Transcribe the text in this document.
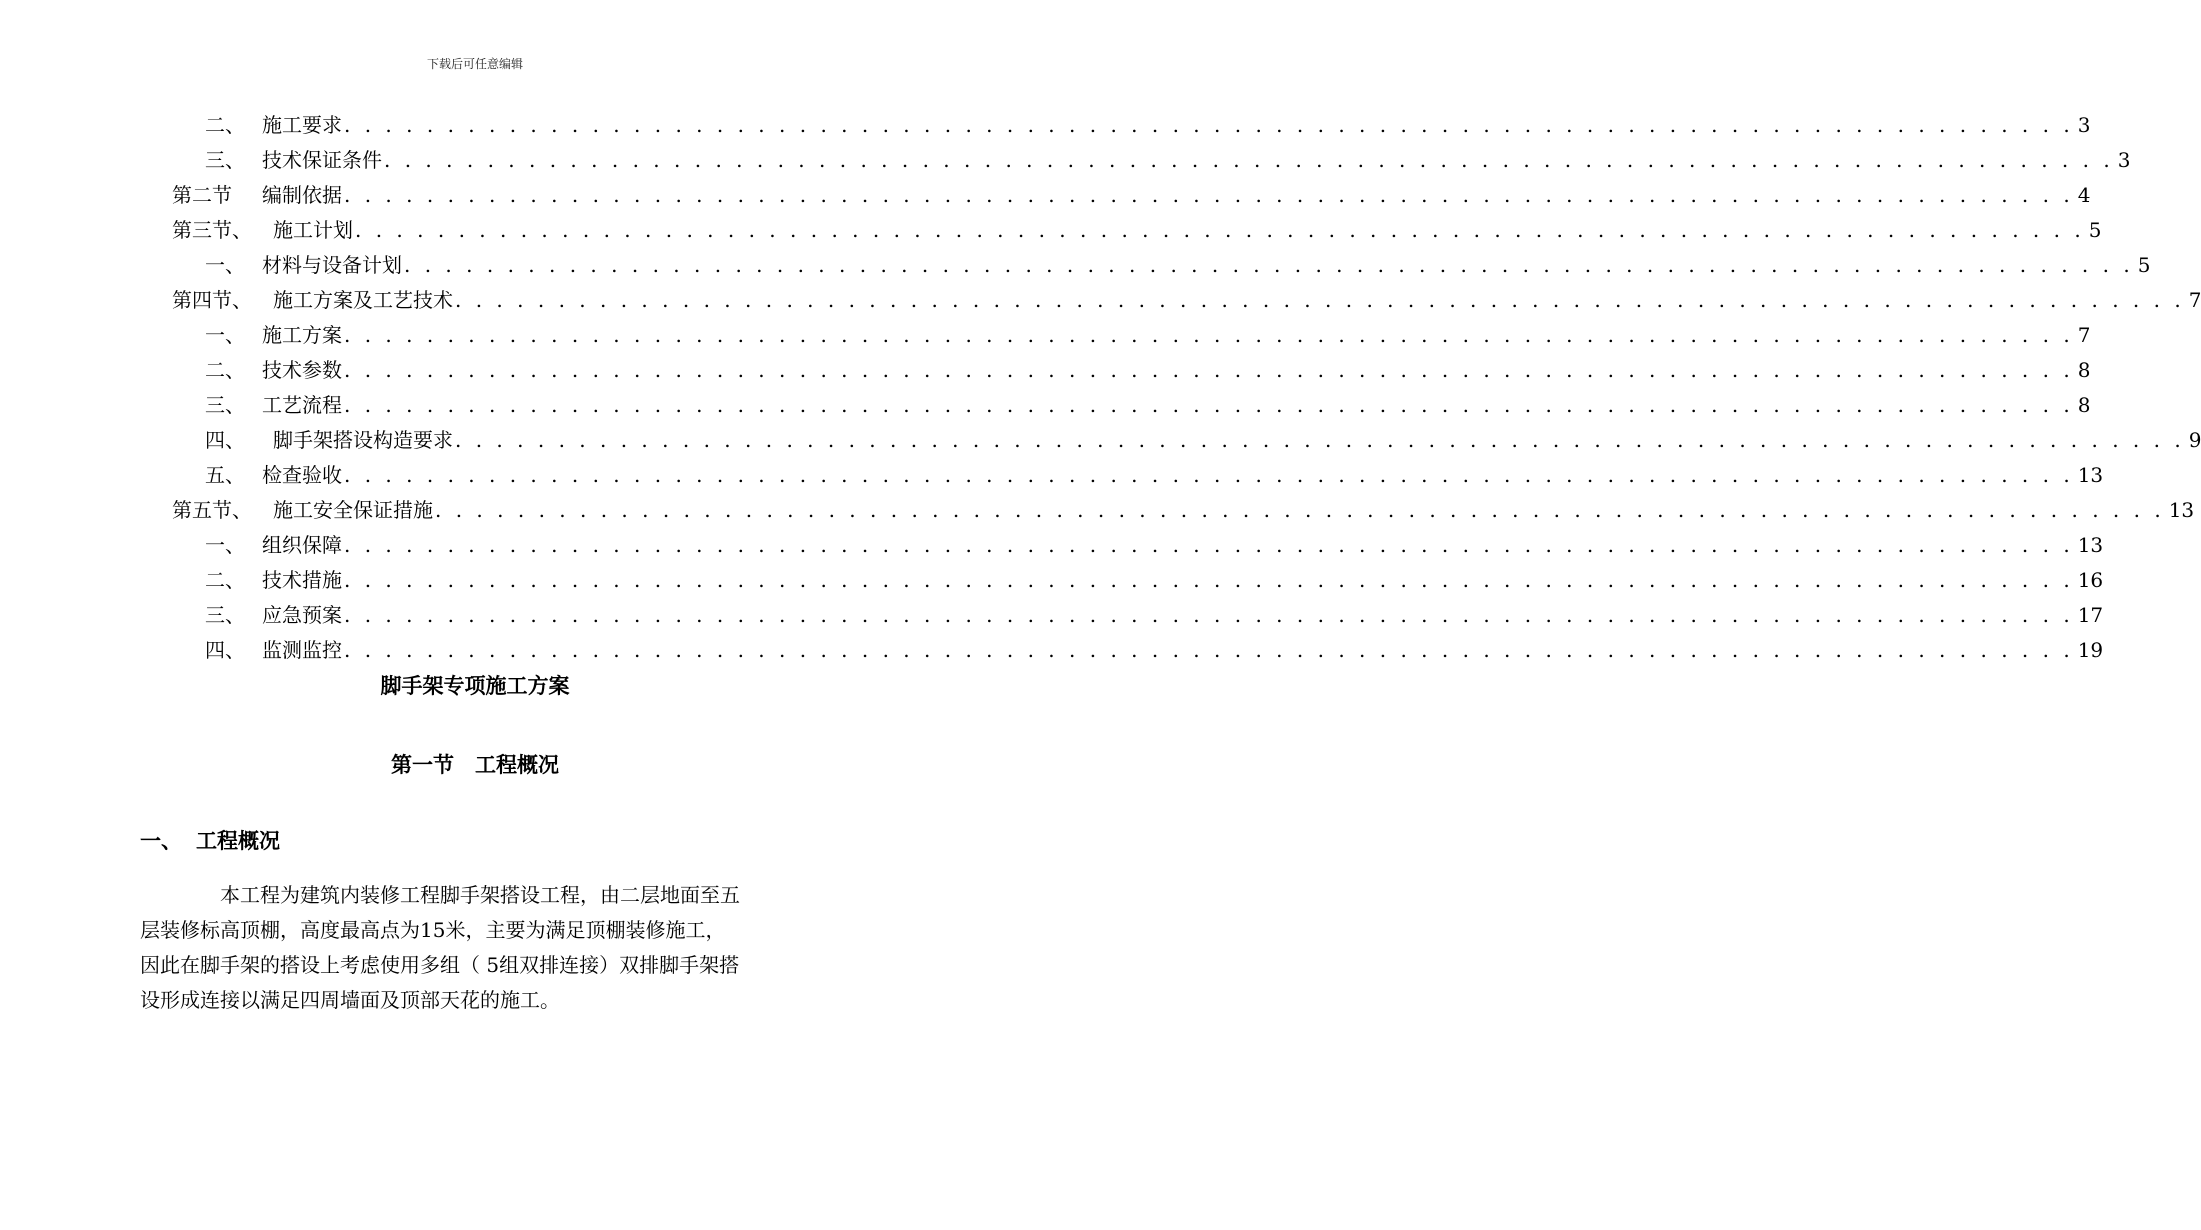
下载后可任意编辑
二、 施工要求 . . . . . . . . . . . . . . . . . . . . . . . . . . . . . . . . . . . . . . . . . . . . . . . . . . . . . . . . . . . . . . . . . . . . . . . . . . . . . . . . . . . . 3
三、 技术保证条件 . . . . . . . . . . . . . . . . . . . . . . . . . . . . . . . . . . . . . . . . . . . . . . . . . . . . . . . . . . . . . . . . . . . . . . . . . . . . . . . . . . . . 3
第二节	编制依据 . . . . . . . . . . . . . . . . . . . . . . . . . . . . . . . . . . . . . . . . . . . . . . . . . . . . . . . . . . . . . . . . . . . . . . . . . . . . . . . . . . . . 4
第三节、	施工计划 . . . . . . . . . . . . . . . . . . . . . . . . . . . . . . . . . . . . . . . . . . . . . . . . . . . . . . . . . . . . . . . . . . . . . . . . . . . . . . . . . . . . 5
一、 材料与设备计划 . . . . . . . . . . . . . . . . . . . . . . . . . . . . . . . . . . . . . . . . . . . . . . . . . . . . . . . . . . . . . . . . . . . . . . . . . . . . . . . . . . . . 5
第四节、	施工方案及工艺技术 . . . . . . . . . . . . . . . . . . . . . . . . . . . . . . . . . . . . . . . . . . . . . . . . . . . . . . . . . . . . . . . . . . . . . . . . . . . . . . . . . . . . 7
一、 施工方案 . . . . . . . . . . . . . . . . . . . . . . . . . . . . . . . . . . . . . . . . . . . . . . . . . . . . . . . . . . . . . . . . . . . . . . . . . . . . . . . . . . . . 7
二、 技术参数 . . . . . . . . . . . . . . . . . . . . . . . . . . . . . . . . . . . . . . . . . . . . . . . . . . . . . . . . . . . . . . . . . . . . . . . . . . . . . . . . . . . . 8
三、 工艺流程 . . . . . . . . . . . . . . . . . . . . . . . . . . . . . . . . . . . . . . . . . . . . . . . . . . . . . . . . . . . . . . . . . . . . . . . . . . . . . . . . . . . . 8
四、	脚手架搭设构造要求 . . . . . . . . . . . . . . . . . . . . . . . . . . . . . . . . . . . . . . . . . . . . . . . . . . . . . . . . . . . . . . . . . . . . . . . . . . . . . . . . . . . . 9
五、 检查验收 . . . . . . . . . . . . . . . . . . . . . . . . . . . . . . . . . . . . . . . . . . . . . . . . . . . . . . . . . . . . . . . . . . . . . . . . . . . . . . . . . . . . 13
第五节、	施工安全保证措施 . . . . . . . . . . . . . . . . . . . . . . . . . . . . . . . . . . . . . . . . . . . . . . . . . . . . . . . . . . . . . . . . . . . . . . . . . . . . . . . . . . . . 13
一、 组织保障 . . . . . . . . . . . . . . . . . . . . . . . . . . . . . . . . . . . . . . . . . . . . . . . . . . . . . . . . . . . . . . . . . . . . . . . . . . . . . . . . . . . . 13
二、 技术措施 . . . . . . . . . . . . . . . . . . . . . . . . . . . . . . . . . . . . . . . . . . . . . . . . . . . . . . . . . . . . . . . . . . . . . . . . . . . . . . . . . . . . 16
三、 应急预案 . . . . . . . . . . . . . . . . . . . . . . . . . . . . . . . . . . . . . . . . . . . . . . . . . . . . . . . . . . . . . . . . . . . . . . . . . . . . . . . . . . . . 17
四、 监测监控 . . . . . . . . . . . . . . . . . . . . . . . . . . . . . . . . . . . . . . . . . . . . . . . . . . . . . . . . . . . . . . . . . . . . . . . . . . . . . . . . . . . . 19
脚手架专项施工方案
第一节　工程概况
一、 工程概况
本工程为建筑内装修工程脚手架搭设工程，由二层地面至五
层装修标高顶棚，高度最高点为15米，主要为满足顶棚装修施工，
因此在脚手架的搭设上考虑使用多组（ 5组双排连接）双排脚手架搭
设形成连接以满足四周墙面及顶部天花的施工。
